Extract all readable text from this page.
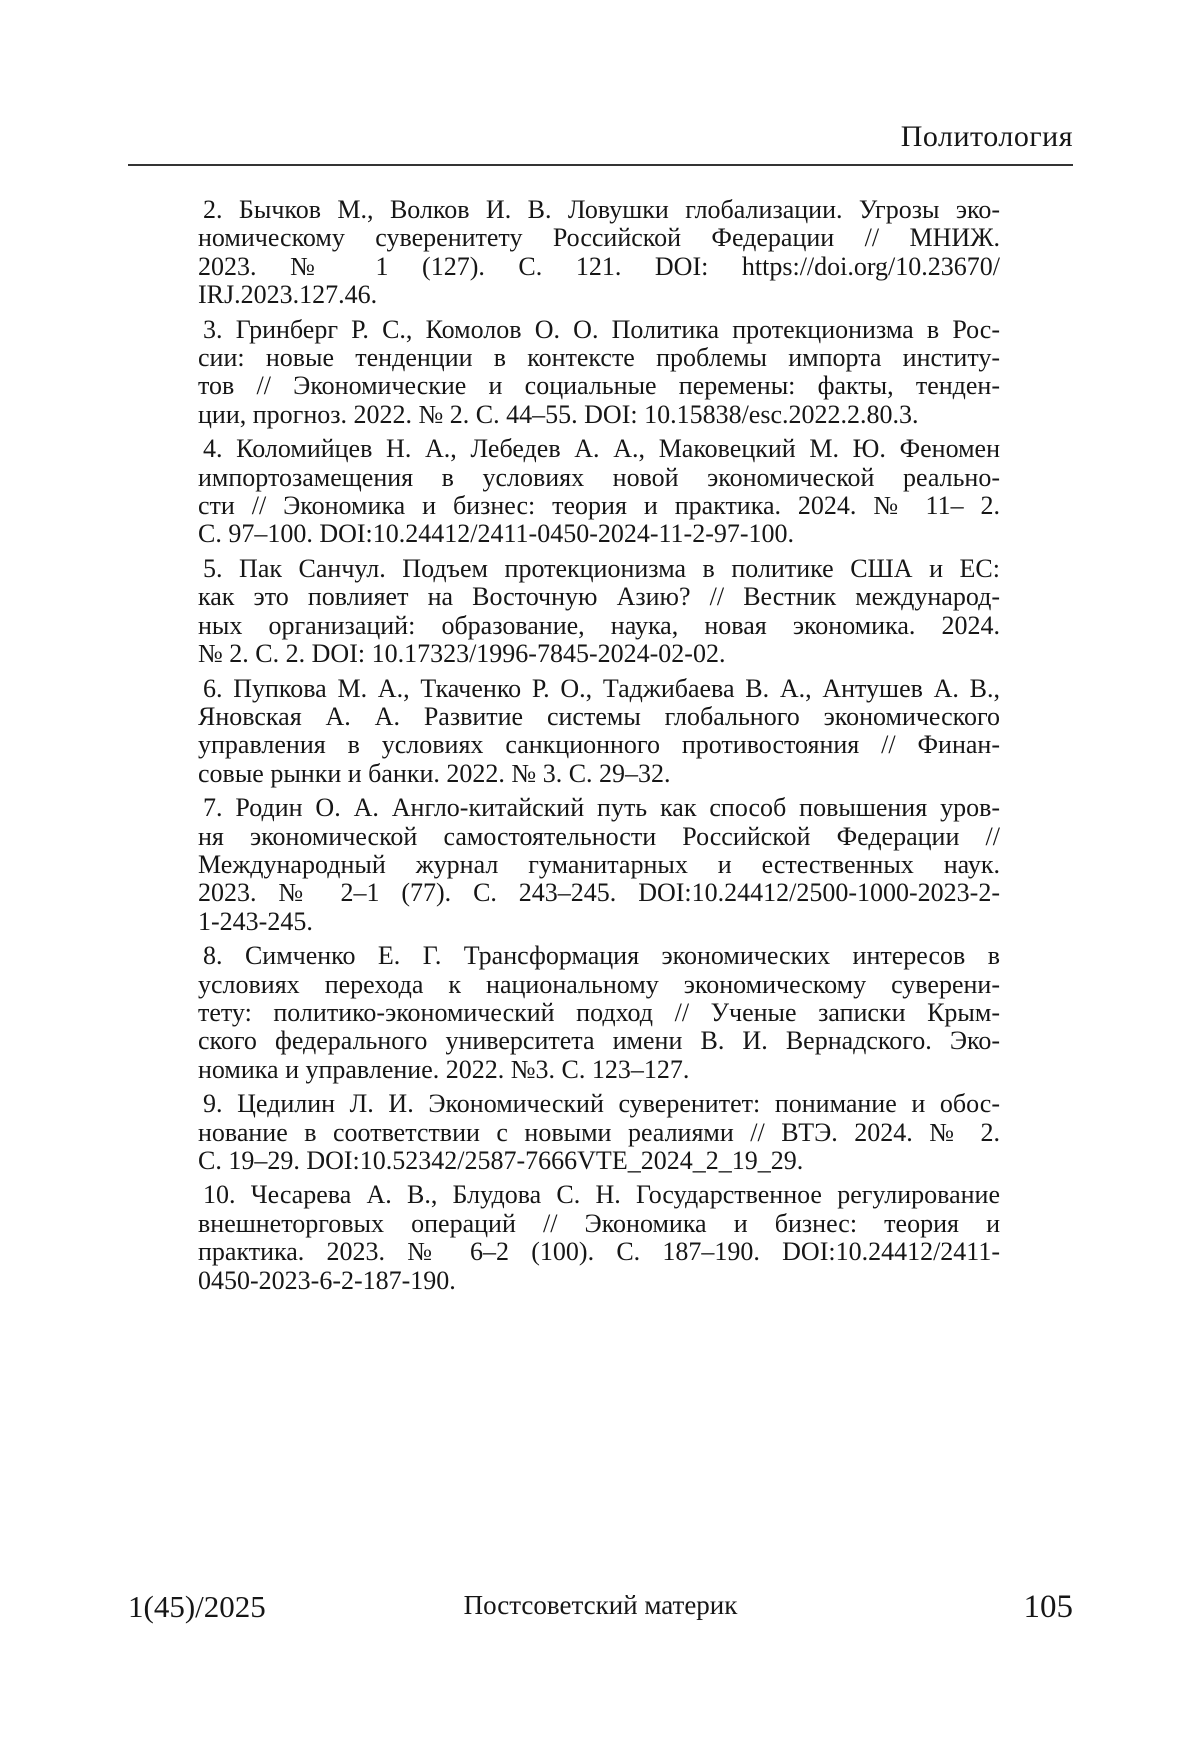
Политология

2. Бычков М., Волков И. В. Ловушки глобализации. Угрозы эко-
номическому суверенитету Российской Федерации // МНИЖ.
2023. № 1 (127). С. 121. DOI: https://doi.org/10.23670/
IRJ.2023.127.46.

3. Гринберг Р. С., Комолов О. О. Политика протекционизма в Рос-
сии: новые тенденции в контексте проблемы импорта институ-
тов // Экономические и социальные перемены: факты, тенден-
ции, прогноз. 2022. № 2. С. 44–55. DOI: 10.15838/esc.2022.2.80.3.

4. Коломийцев Н. А., Лебедев А. А., Маковецкий М. Ю. Феномен
импортозамещения в условиях новой экономической реально-
сти // Экономика и бизнес: теория и практика. 2024. № 11– 2.
С. 97–100. DOI:10.24412/2411-0450-2024-11-2-97-100.

5. Пак Санчул. Подъем протекционизма в политике США и ЕС:
как это повлияет на Восточную Азию? // Вестник международ-
ных организаций: образование, наука, новая экономика. 2024.
№ 2. С. 2. DOI: 10.17323/1996-7845-2024-02-02.

6. Пупкова М. А., Ткаченко Р. О., Таджибаева В. А., Антушев А. В.,
Яновская А. А. Развитие системы глобального экономического
управления в условиях санкционного противостояния // Финан-
совые рынки и банки. 2022. № 3. С. 29–32.

7. Родин О. А. Англо-китайский путь как способ повышения уров-
ня экономической самостоятельности Российской Федерации //
Международный журнал гуманитарных и естественных наук.
2023. № 2–1 (77). С. 243–245. DOI:10.24412/2500-1000-2023-2-
1-243-245.

8. Симченко Е. Г. Трансформация экономических интересов в
условиях перехода к национальному экономическому суверени-
тету: политико-экономический подход // Ученые записки Крым-
ского федерального университета имени В. И. Вернадского. Эко-
номика и управление. 2022. №3. С. 123–127.

9. Цедилин Л. И. Экономический суверенитет: понимание и обос-
нование в соответствии с новыми реалиями // ВТЭ. 2024. № 2.
С. 19–29. DOI:10.52342/2587-7666VTE_2024_2_19_29.

10. Чесарева А. В., Блудова С. Н. Государственное регулирование
внешнеторговых операций // Экономика и бизнес: теория и
практика. 2023. № 6–2 (100). С. 187–190. DOI:10.24412/2411-
0450-2023-6-2-187-190.

1(45)/2025	Постсоветский материк	105
